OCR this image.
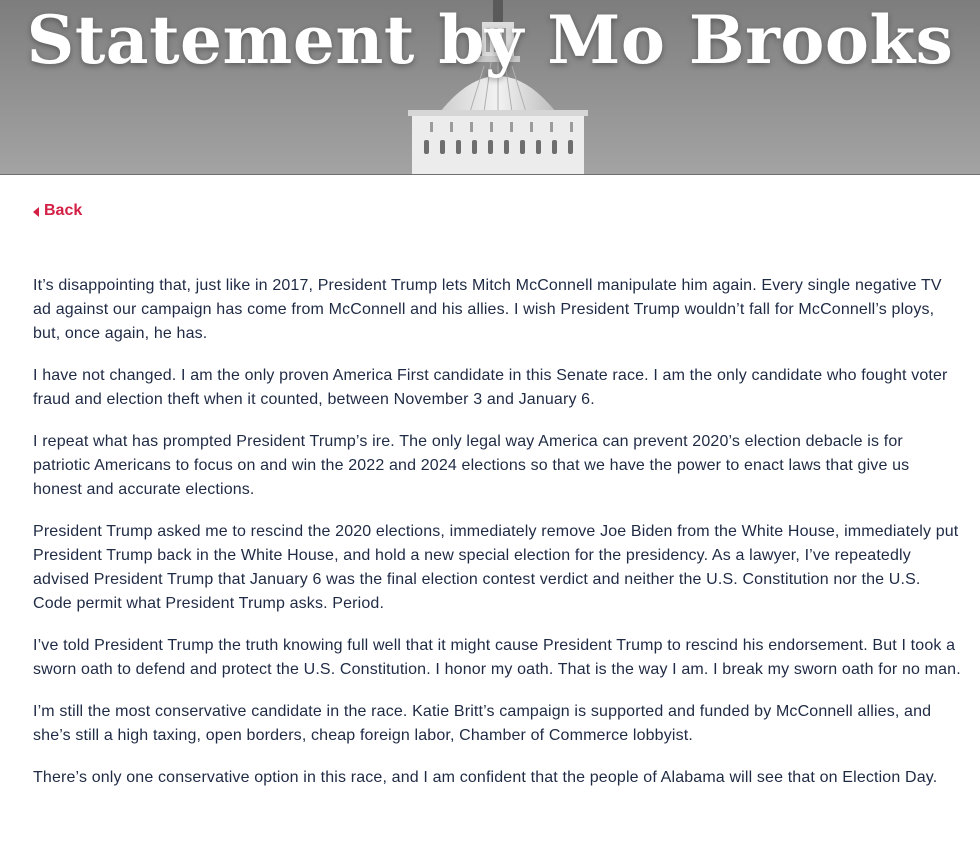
Statement by Mo Brooks
Back

It’s disappointing that, just like in 2017, President Trump lets Mitch McConnell manipulate him again. Every single negative TV ad against our campaign has come from McConnell and his allies. I wish President Trump wouldn’t fall for McConnell’s ploys, but, once again, he has.

I have not changed. I am the only proven America First candidate in this Senate race. I am the only candidate who fought voter fraud and election theft when it counted, between November 3 and January 6.

I repeat what has prompted President Trump’s ire. The only legal way America can prevent 2020’s election debacle is for patriotic Americans to focus on and win the 2022 and 2024 elections so that we have the power to enact laws that give us honest and accurate elections.

President Trump asked me to rescind the 2020 elections, immediately remove Joe Biden from the White House, immediately put President Trump back in the White House, and hold a new special election for the presidency. As a lawyer, I’ve repeatedly advised President Trump that January 6 was the final election contest verdict and neither the U.S. Constitution nor the U.S. Code permit what President Trump asks. Period.

I’ve told President Trump the truth knowing full well that it might cause President Trump to rescind his endorsement. But I took a sworn oath to defend and protect the U.S. Constitution. I honor my oath. That is the way I am. I break my sworn oath for no man.

I’m still the most conservative candidate in the race. Katie Britt’s campaign is supported and funded by McConnell allies, and she’s still a high taxing, open borders, cheap foreign labor, Chamber of Commerce lobbyist.

There’s only one conservative option in this race, and I am confident that the people of Alabama will see that on Election Day.
